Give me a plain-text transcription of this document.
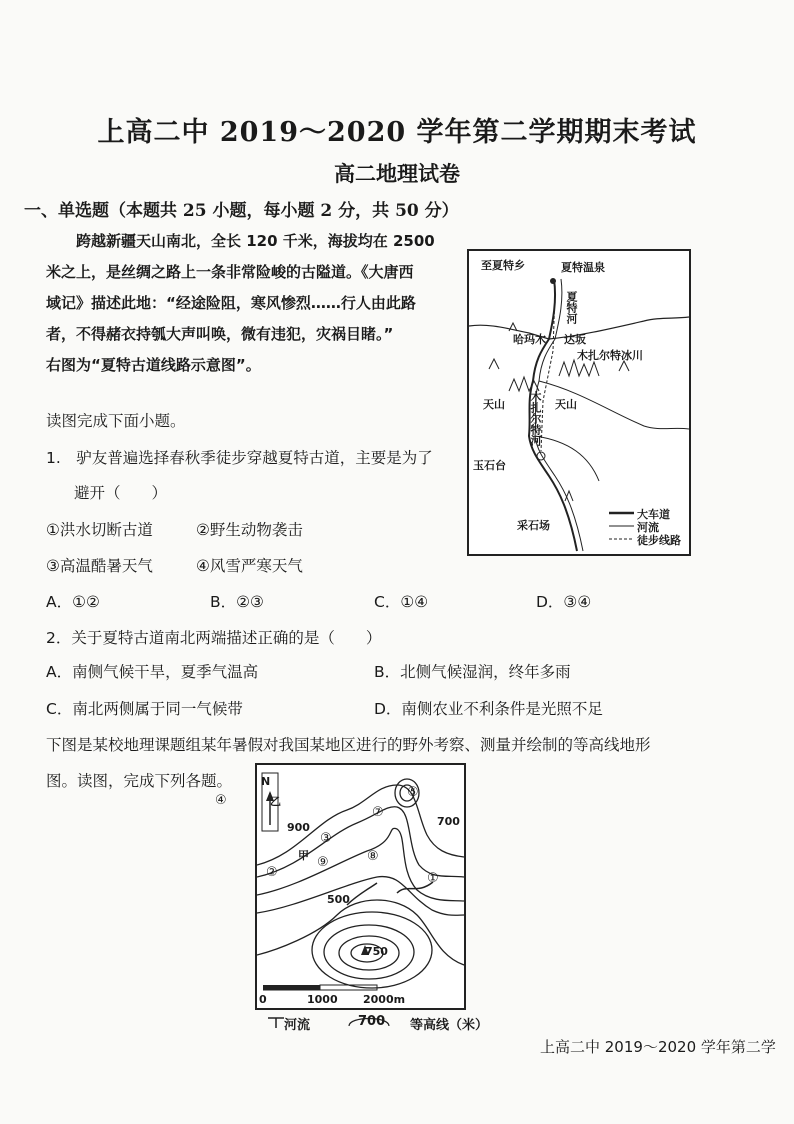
上高二中 2019～2020 学年第二学期期末考试
高二地理试卷
一、单选题（本题共 25 小题，每小题 2 分，共 50 分）

跨越新疆天山南北，全长 120 千米，海拔均在 2500

米之上，是丝绸之路上一条非常险峻的古隘道。《大唐西

域记》描述此地：“经途险阻，寒风惨烈……行人由此路

者，不得赭衣持瓠大声叫唤，微有违犯，灾祸目睹。”

右图为“夏特古道线路示意图”。

读图完成下面小题。
1.　驴友普遍选择春秋季徒步穿越夏特古道，主要是为了
避开（　　）
①洪水切断古道	②野生动物袭击
③高温酷暑天气	④风雪严寒天气
A．①②	B．②③	C．①④	D．③④
2．关于夏特古道南北两端描述正确的是（　　）
A．南侧气候干旱，夏季气温高	B．北侧气候湿润，终年多雨
C．南北两侧属于同一气候带	D．南侧农业不利条件是光照不足
下图是某校地理课题组某年暑假对我国某地区进行的野外考察、测量并绘制的等高线地形
图。读图，完成下列各题。
至夏特乡	夏特温泉
夏特河
哈玛木 达坂
木扎尔特冰川
天山	天山
木扎尔特河
玉石台
采石场
大车道
河流
徒步线路
N
900	700
500
750
①
②
③
④
⑤
⑦
⑧
⑨
乙
甲
0	1000 2000m
河流	700 等高线（米）
上高二中 2019～2020 学年第二学
